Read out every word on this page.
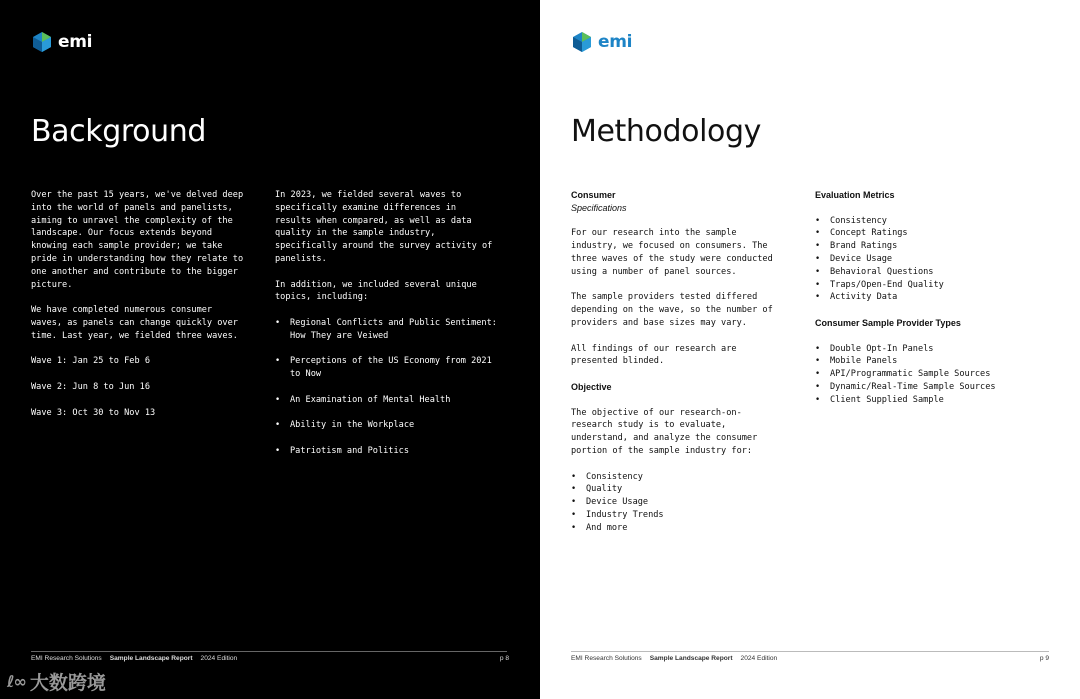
emi
Background

Over the past 15 years, we've delved deep into the world of panels and panelists, aiming to unravel the complexity of the landscape. Our focus extends beyond knowing each sample provider; we take pride in understanding how they relate to one another and contribute to the bigger picture.

We have completed numerous consumer waves, as panels can change quickly over time. Last year, we fielded three waves.

Wave 1: Jan 25 to Feb 6

Wave 2: Jun 8 to Jun 16

Wave 3: Oct 30 to Nov 13

In 2023, we fielded several waves to specifically examine differences in results when compared, as well as data quality in the sample industry, specifically around the survey activity of panelists.

In addition, we included several unique topics, including:

• Regional Conflicts and Public Sentiment: How They are Veiwed
• Perceptions of the US Economy from 2021 to Now
• An Examination of Mental Health
• Ability in the Workplace
• Patriotism and Politics
EMI Research Solutions Sample Landscape Report 2024 Edition	p 8
ℓ∞ 大数跨境
emi
Methodology
Consumer
Specifications

For our research into the sample industry, we focused on consumers. The three waves of the study were conducted using a number of panel sources.

The sample providers tested differed depending on the wave, so the number of providers and base sizes may vary.

All findings of our research are presented blinded.

Objective

The objective of our research-on-research study is to evaluate, understand, and analyze the consumer portion of the sample industry for:

• Consistency
• Quality
• Device Usage
• Industry Trends
• And more
Evaluation Metrics
• Consistency
• Concept Ratings
• Brand Ratings
• Device Usage
• Behavioral Questions
• Traps/Open-End Quality
• Activity Data
Consumer Sample Provider Types
• Double Opt-In Panels
• Mobile Panels
• API/Programmatic Sample Sources
• Dynamic/Real-Time Sample Sources
• Client Supplied Sample
EMI Research Solutions Sample Landscape Report 2024 Edition	p 9
